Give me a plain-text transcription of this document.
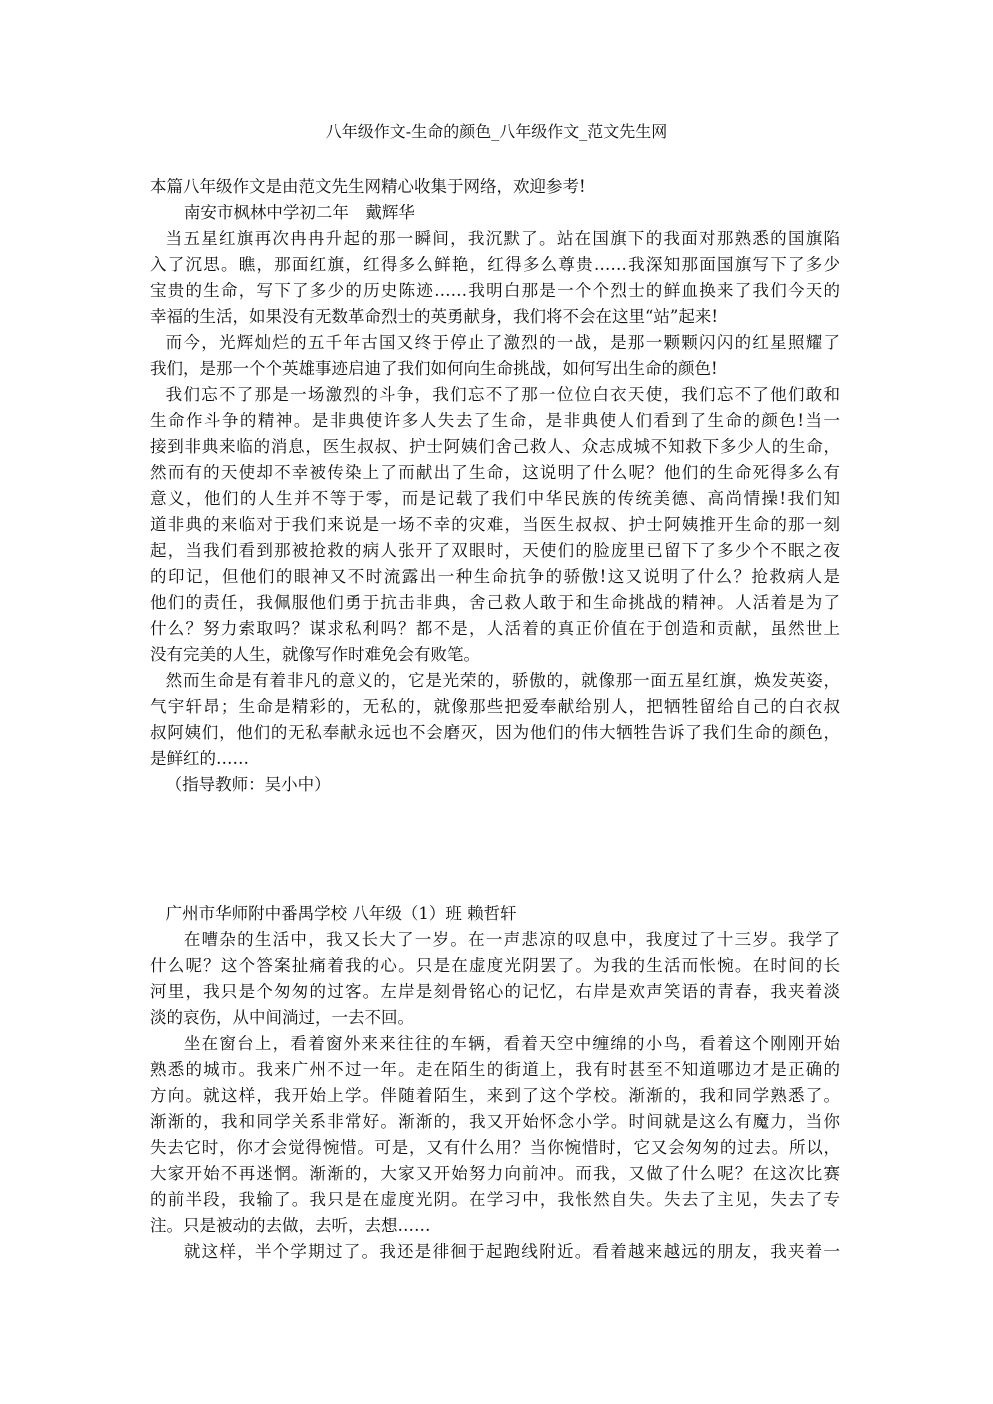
八年级作文-生命的颜色_八年级作文_范文先生网
本篇八年级作文是由范文先生网精心收集于网络，欢迎参考!
南安市枫林中学初二年　戴辉华
当五星红旗再次冉冉升起的那一瞬间，我沉默了。站在国旗下的我面对那熟悉的国旗陷
入了沉思。瞧，那面红旗，红得多么鲜艳，红得多么尊贵……我深知那面国旗写下了多少
宝贵的生命，写下了多少的历史陈迹……我明白那是一个个烈士的鲜血换来了我们今天的
幸福的生活，如果没有无数革命烈士的英勇献身，我们将不会在这里“站”起来!
而今，光辉灿烂的五千年古国又终于停止了激烈的一战，是那一颗颗闪闪的红星照耀了
我们，是那一个个英雄事迹启迪了我们如何向生命挑战，如何写出生命的颜色!
我们忘不了那是一场激烈的斗争，我们忘不了那一位位白衣天使，我们忘不了他们敢和
生命作斗争的精神。是非典使许多人失去了生命，是非典使人们看到了生命的颜色!当一
接到非典来临的消息，医生叔叔、护士阿姨们舍己救人、众志成城不知救下多少人的生命，
然而有的天使却不幸被传染上了而献出了生命，这说明了什么呢？他们的生命死得多么有
意义，他们的人生并不等于零，而是记载了我们中华民族的传统美德、高尚情操!我们知
道非典的来临对于我们来说是一场不幸的灾难，当医生叔叔、护士阿姨推开生命的那一刻
起，当我们看到那被抢救的病人张开了双眼时，天使们的脸庞里已留下了多少个不眠之夜
的印记，但他们的眼神又不时流露出一种生命抗争的骄傲!这又说明了什么？抢救病人是
他们的责任，我佩服他们勇于抗击非典，舍己救人敢于和生命挑战的精神。人活着是为了
什么？努力索取吗？谋求私利吗？都不是，人活着的真正价值在于创造和贡献，虽然世上
没有完美的人生，就像写作时难免会有败笔。
然而生命是有着非凡的意义的，它是光荣的，骄傲的，就像那一面五星红旗，焕发英姿，
气宇轩昂；生命是精彩的，无私的，就像那些把爱奉献给别人，把牺牲留给自己的白衣叔
叔阿姨们，他们的无私奉献永远也不会磨灭，因为他们的伟大牺牲告诉了我们生命的颜色，
是鲜红的……
（指导教师：吴小中）
广州市华师附中番禺学校 八年级（1）班 赖哲轩
在嘈杂的生活中，我又长大了一岁。在一声悲凉的叹息中，我度过了十三岁。我学了
什么呢？这个答案扯痛着我的心。只是在虚度光阴罢了。为我的生活而怅惋。在时间的长
河里，我只是个匆匆的过客。左岸是刻骨铭心的记忆，右岸是欢声笑语的青春，我夹着淡
淡的哀伤，从中间淌过，一去不回。
坐在窗台上，看着窗外来来往往的车辆，看着天空中缠绵的小鸟，看着这个刚刚开始
熟悉的城市。我来广州不过一年。走在陌生的街道上，我有时甚至不知道哪边才是正确的
方向。就这样，我开始上学。伴随着陌生，来到了这个学校。渐渐的，我和同学熟悉了。
渐渐的，我和同学关系非常好。渐渐的，我又开始怀念小学。时间就是这么有魔力，当你
失去它时，你才会觉得惋惜。可是，又有什么用？当你惋惜时，它又会匆匆的过去。所以，
大家开始不再迷惘。渐渐的，大家又开始努力向前冲。而我，又做了什么呢？在这次比赛
的前半段，我输了。我只是在虚度光阴。在学习中，我怅然自失。失去了主见，失去了专
注。只是被动的去做，去听，去想……
就这样，半个学期过了。我还是徘徊于起跑线附近。看着越来越远的朋友，我夹着一
